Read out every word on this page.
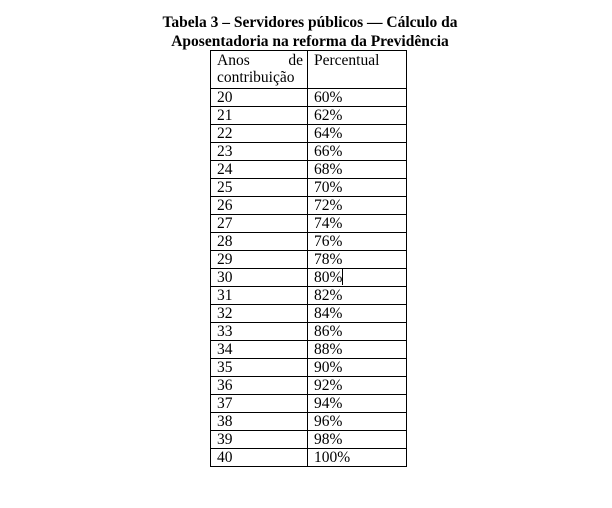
Tabela 3 – Servidores públicos — Cálculo da
Aposentadoria na reforma da Previdência
Anos de
contribuição	Percentual
20	60%
21	62%
22	64%
23	66%
24	68%
25	70%
26	72%
27	74%
28	76%
29	78%
30	80%
31	82%
32	84%
33	86%
34	88%
35	90%
36	92%
37	94%
38	96%
39	98%
40	100%
